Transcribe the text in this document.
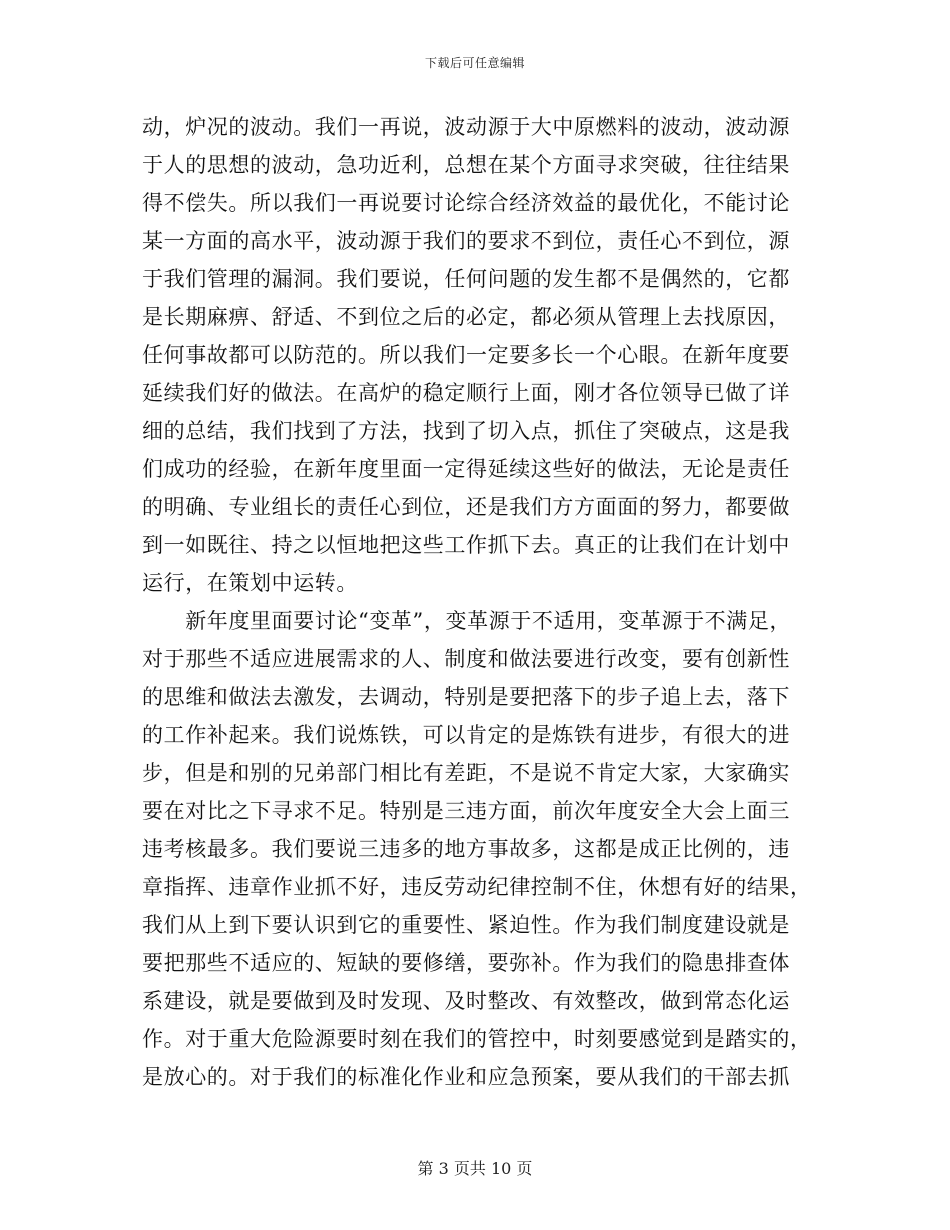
下载后可任意编辑
动，炉况的波动。我们一再说，波动源于大中原燃料的波动，波动源
于人的思想的波动，急功近利，总想在某个方面寻求突破，往往结果
得不偿失。所以我们一再说要讨论综合经济效益的最优化，不能讨论
某一方面的高水平，波动源于我们的要求不到位，责任心不到位，源
于我们管理的漏洞。我们要说，任何问题的发生都不是偶然的，它都
是长期麻痹、舒适、不到位之后的必定，都必须从管理上去找原因，
任何事故都可以防范的。所以我们一定要多长一个心眼。在新年度要
延续我们好的做法。在高炉的稳定顺行上面，刚才各位领导已做了详
细的总结，我们找到了方法，找到了切入点，抓住了突破点，这是我
们成功的经验，在新年度里面一定得延续这些好的做法，无论是责任
的明确、专业组长的责任心到位，还是我们方方面面的努力，都要做
到一如既往、持之以恒地把这些工作抓下去。真正的让我们在计划中
运行，在策划中运转。
　　新年度里面要讨论“变革”，变革源于不适用，变革源于不满足，
对于那些不适应进展需求的人、制度和做法要进行改变，要有创新性
的思维和做法去激发，去调动，特别是要把落下的步子追上去，落下
的工作补起来。我们说炼铁，可以肯定的是炼铁有进步，有很大的进
步，但是和别的兄弟部门相比有差距，不是说不肯定大家，大家确实
要在对比之下寻求不足。特别是三违方面，前次年度安全大会上面三
违考核最多。我们要说三违多的地方事故多，这都是成正比例的，违
章指挥、违章作业抓不好，违反劳动纪律控制不住，休想有好的结果，
我们从上到下要认识到它的重要性、紧迫性。作为我们制度建设就是
要把那些不适应的、短缺的要修缮，要弥补。作为我们的隐患排查体
系建设，就是要做到及时发现、及时整改、有效整改，做到常态化运
作。对于重大危险源要时刻在我们的管控中，时刻要感觉到是踏实的，
是放心的。对于我们的标准化作业和应急预案，要从我们的干部去抓
第 3 页共 10 页
